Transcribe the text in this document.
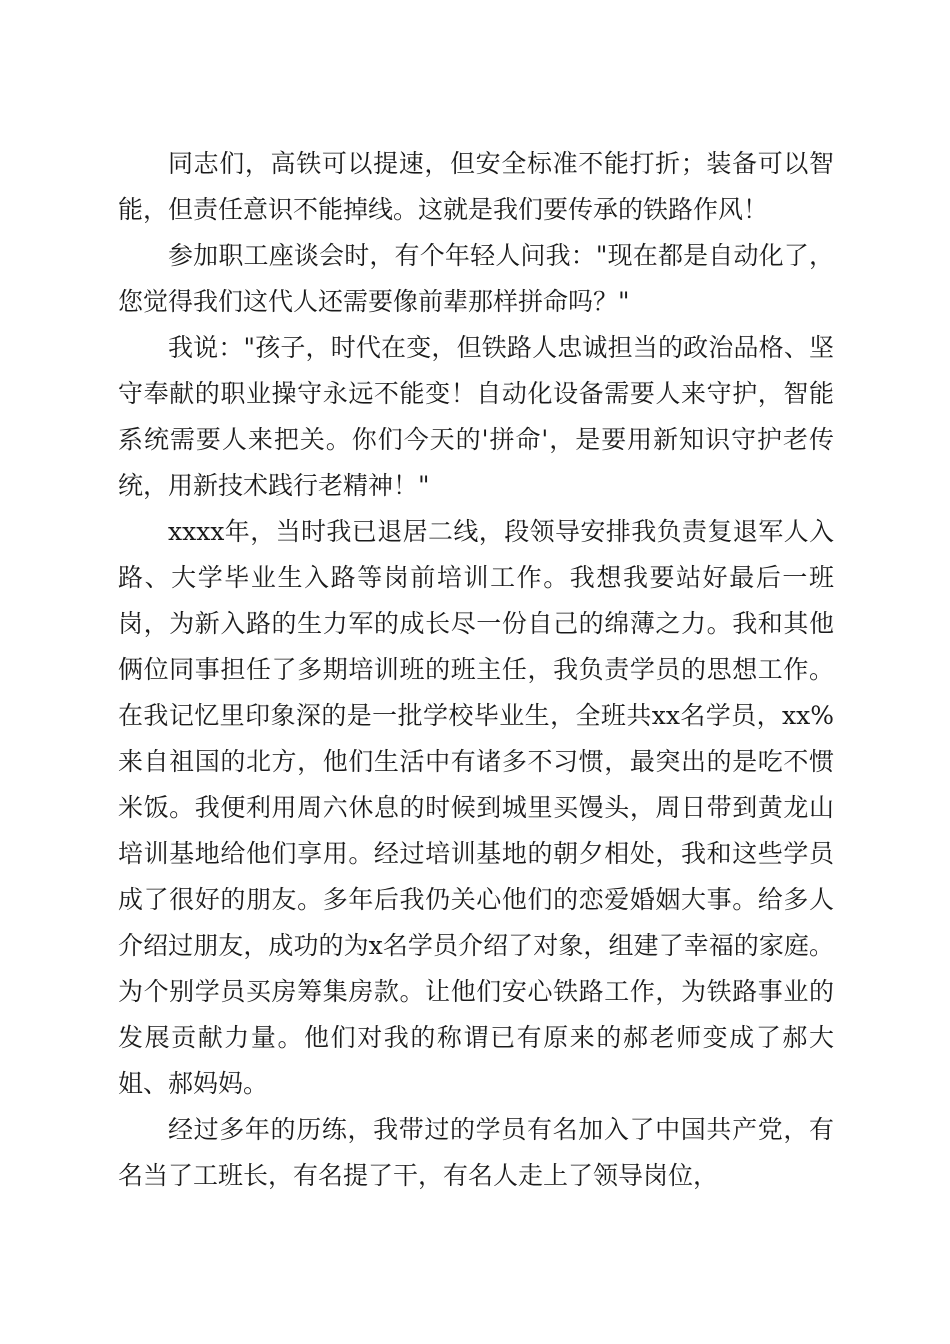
同志们，高铁可以提速，但安全标准不能打折；装备可以智能，但责任意识不能掉线。这就是我们要传承的铁路作风！

参加职工座谈会时，有个年轻人问我："现在都是自动化了，您觉得我们这代人还需要像前辈那样拼命吗？"

我说："孩子，时代在变，但铁路人忠诚担当的政治品格、坚守奉献的职业操守永远不能变！自动化设备需要人来守护，智能系统需要人来把关。你们今天的'拼命'，是要用新知识守护老传统，用新技术践行老精神！"

xxxx年，当时我已退居二线，段领导安排我负责复退军人入路、大学毕业生入路等岗前培训工作。我想我要站好最后一班岗，为新入路的生力军的成长尽一份自己的绵薄之力。我和其他俩位同事担任了多期培训班的班主任，我负责学员的思想工作。在我记忆里印象深的是一批学校毕业生，全班共xx名学员，xx%来自祖国的北方，他们生活中有诸多不习惯，最突出的是吃不惯米饭。我便利用周六休息的时候到城里买馒头，周日带到黄龙山培训基地给他们享用。经过培训基地的朝夕相处，我和这些学员成了很好的朋友。多年后我仍关心他们的恋爱婚姻大事。给多人介绍过朋友，成功的为x名学员介绍了对象，组建了幸福的家庭。为个别学员买房筹集房款。让他们安心铁路工作，为铁路事业的发展贡献力量。他们对我的称谓已有原来的郝老师变成了郝大姐、郝妈妈。

经过多年的历练，我带过的学员有名加入了中国共产党，有名当了工班长，有名提了干，有名人走上了领导岗位，
